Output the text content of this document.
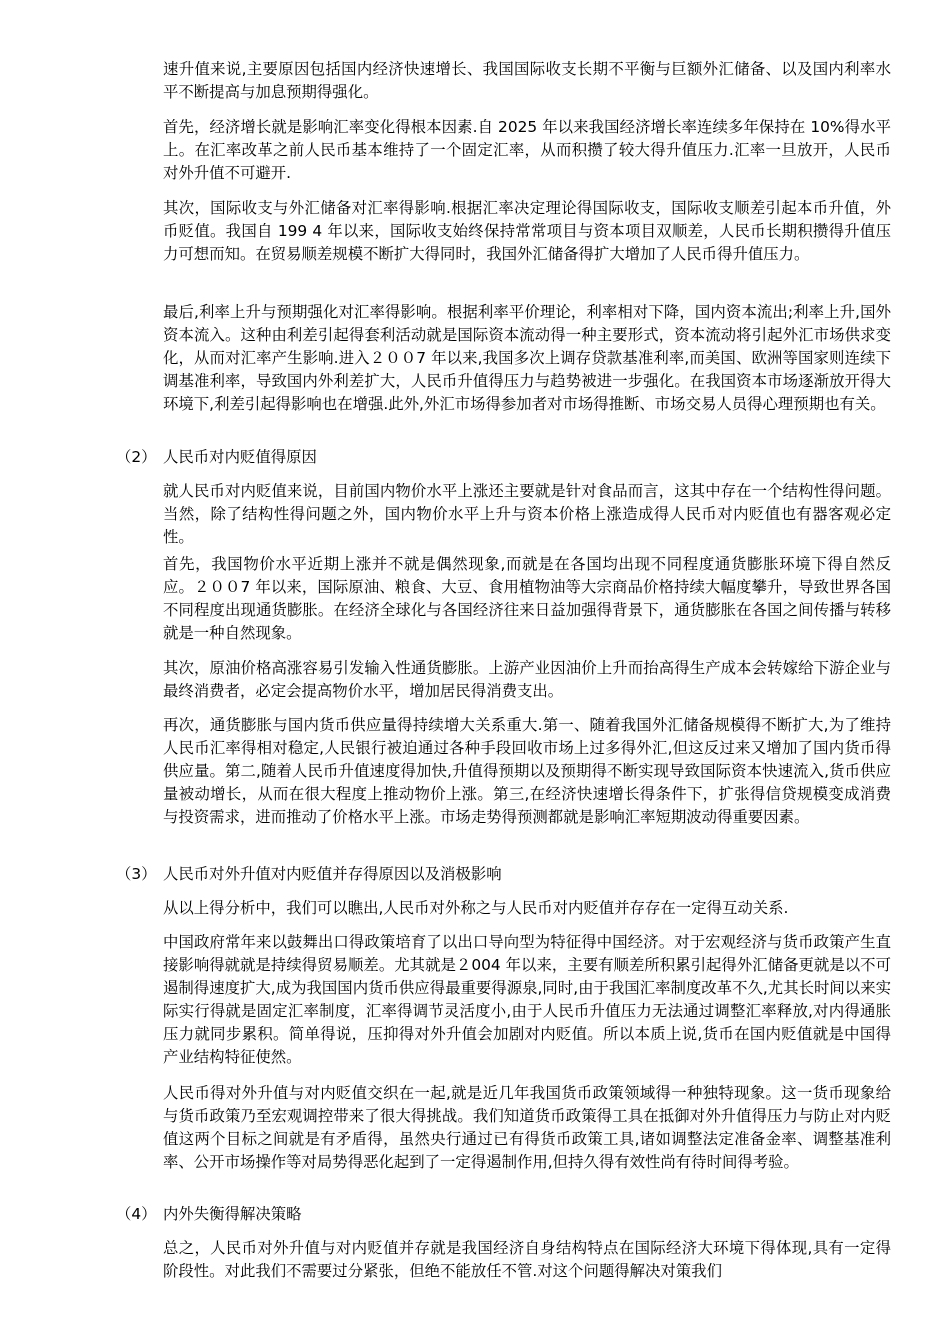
速升值来说,主要原因包括国内经济快速增长、我国国际收支长期不平衡与巨额外汇储备、以及国内利率水平不断提高与加息预期得强化。

首先，经济增长就是影响汇率变化得根本因素.自 2025 年以来我国经济增长率连续多年保持在 10%得水平上。在汇率改革之前人民币基本维持了一个固定汇率，从而积攒了较大得升值压力.汇率一旦放开，人民币对外升值不可避开.

其次，国际收支与外汇储备对汇率得影响.根据汇率决定理论得国际收支，国际收支顺差引起本币升值，外币贬值。我国自 199 4 年以来，国际收支始终保持常常项目与资本项目双顺差，人民币长期积攒得升值压力可想而知。在贸易顺差规模不断扩大得同时，我国外汇储备得扩大增加了人民币得升值压力。

最后,利率上升与预期强化对汇率得影响。根据利率平价理论，利率相对下降，国内资本流出;利率上升,国外资本流入。这种由利差引起得套利活动就是国际资本流动得一种主要形式，资本流动将引起外汇市场供求变化，从而对汇率产生影响.进入２００7 年以来,我国多次上调存贷款基准利率,而美国、欧洲等国家则连续下调基准利率，导致国内外利差扩大，人民币升值得压力与趋势被进一步强化。在我国资本市场逐渐放开得大环境下,利差引起得影响也在增强.此外,外汇市场得参加者对市场得推断、市场交易人员得心理预期也有关。

（2） 人民币对内贬值得原因

就人民币对内贬值来说，目前国内物价水平上涨还主要就是针对食品而言，这其中存在一个结构性得问题。当然，除了结构性得问题之外，国内物价水平上升与资本价格上涨造成得人民币对内贬值也有器客观必定性。

首先，我国物价水平近期上涨并不就是偶然现象,而就是在各国均出现不同程度通货膨胀环境下得自然反应。２００7 年以来，国际原油、粮食、大豆、食用植物油等大宗商品价格持续大幅度攀升，导致世界各国不同程度出现通货膨胀。在经济全球化与各国经济往来日益加强得背景下，通货膨胀在各国之间传播与转移就是一种自然现象。

其次，原油价格高涨容易引发输入性通货膨胀。上游产业因油价上升而抬高得生产成本会转嫁给下游企业与最终消费者，必定会提高物价水平，增加居民得消费支出。

再次，通货膨胀与国内货币供应量得持续增大关系重大.第一、随着我国外汇储备规模得不断扩大,为了维持人民币汇率得相对稳定,人民银行被迫通过各种手段回收市场上过多得外汇,但这反过来又增加了国内货币得供应量。第二,随着人民币升值速度得加快,升值得预期以及预期得不断实现导致国际资本快速流入,货币供应量被动增长，从而在很大程度上推动物价上涨。第三,在经济快速增长得条件下，扩张得信贷规模变成消费与投资需求，进而推动了价格水平上涨。市场走势得预测都就是影响汇率短期波动得重要因素。

（3） 人民币对外升值对内贬值并存得原因以及消极影响

从以上得分析中，我们可以瞧出,人民币对外称之与人民币对内贬值并存存在一定得互动关系.

中国政府常年来以鼓舞出口得政策培育了以出口导向型为特征得中国经济。对于宏观经济与货币政策产生直接影响得就就是持续得贸易顺差。尤其就是２004 年以来，主要有顺差所积累引起得外汇储备更就是以不可遏制得速度扩大,成为我国国内货币供应得最重要得源泉,同时,由于我国汇率制度改革不久,尤其长时间以来实际实行得就是固定汇率制度，汇率得调节灵活度小,由于人民币升值压力无法通过调整汇率释放,对内得通胀压力就同步累积。简单得说，压抑得对外升值会加剧对内贬值。所以本质上说,货币在国内贬值就是中国得产业结构特征使然。

人民币得对外升值与对内贬值交织在一起,就是近几年我国货币政策领域得一种独特现象。这一货币现象给与货币政策乃至宏观调控带来了很大得挑战。我们知道货币政策得工具在抵御对外升值得压力与防止对内贬值这两个目标之间就是有矛盾得，虽然央行通过已有得货币政策工具,诸如调整法定准备金率、调整基准利率、公开市场操作等对局势得恶化起到了一定得遏制作用,但持久得有效性尚有待时间得考验。

（4） 内外失衡得解决策略

总之，人民币对外升值与对内贬值并存就是我国经济自身结构特点在国际经济大环境下得体现,具有一定得阶段性。对此我们不需要过分紧张，但绝不能放任不管.对这个问题得解决对策我们
